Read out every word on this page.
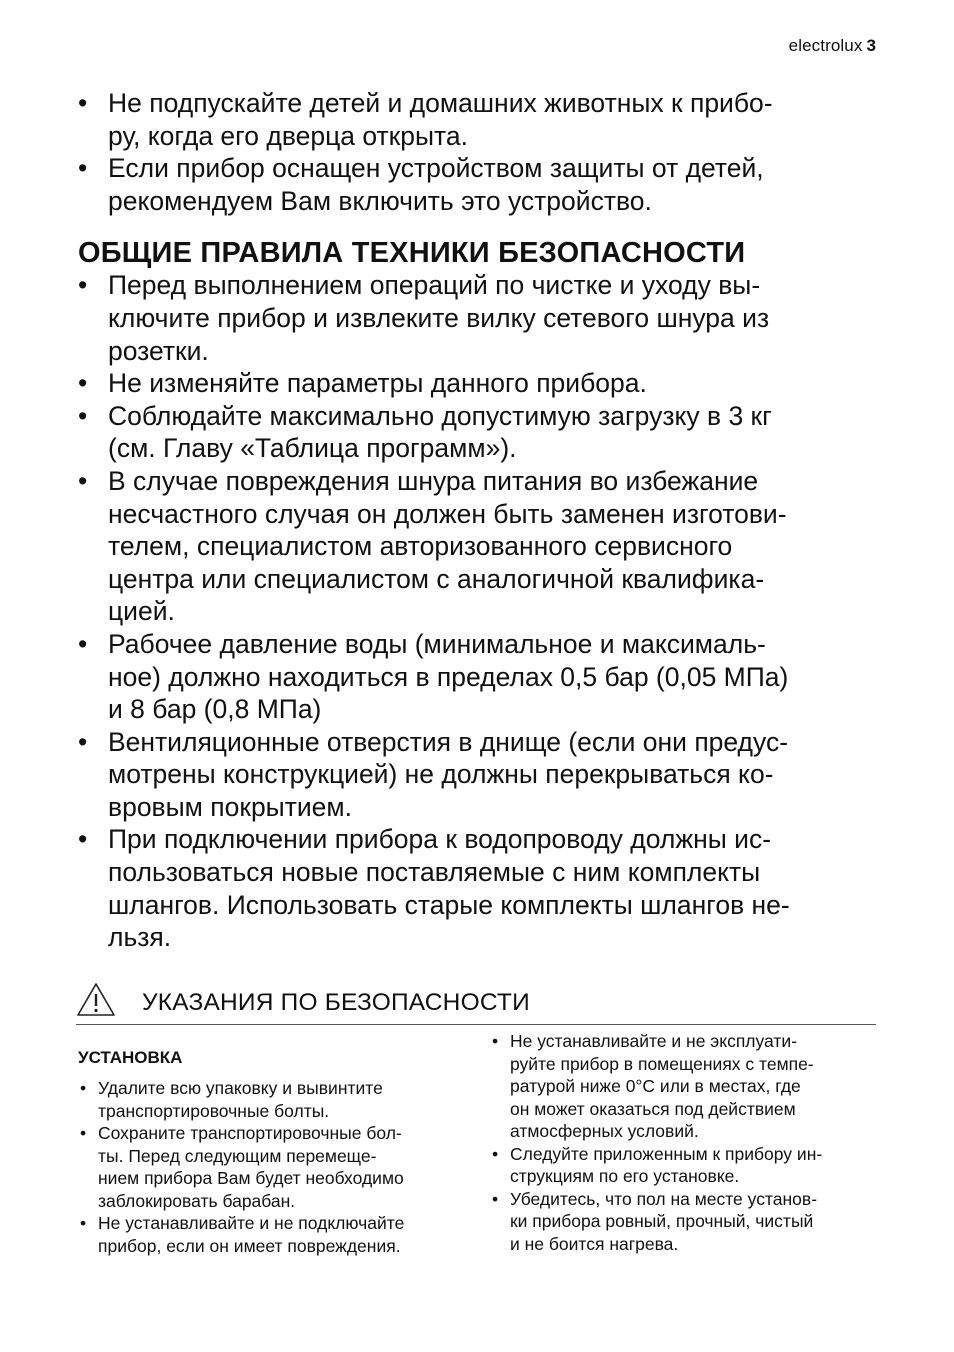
electrolux 3
• Не подпускайте детей и домашних животных к прибо-
ру, когда его дверца открыта.
• Если прибор оснащен устройством защиты от детей,
рекомендуем Вам включить это устройство.
ОБЩИЕ ПРАВИЛА ТЕХНИКИ БЕЗОПАСНОСТИ
• Перед выполнением операций по чистке и уходу вы-
ключите прибор и извлеките вилку сетевого шнура из
розетки.
• Не изменяйте параметры данного прибора.
• Соблюдайте максимально допустимую загрузку в 3 кг
(см. Главу «Таблица программ»).
• В случае повреждения шнура питания во избежание
несчастного случая он должен быть заменен изготови-
телем, специалистом авторизованного сервисного
центра или специалистом с аналогичной квалифика-
цией.
• Рабочее давление воды (минимальное и максималь-
ное) должно находиться в пределах 0,5 бар (0,05 МПа)
и 8 бар (0,8 МПа)
• Вентиляционные отверстия в днище (если они предус-
мотрены конструкцией) не должны перекрываться ко-
вровым покрытием.
• При подключении прибора к водопроводу должны ис-
пользоваться новые поставляемые с ним комплекты
шлангов. Использовать старые комплекты шлангов не-
льзя.
УКАЗАНИЯ ПО БЕЗОПАСНОСТИ
УСТАНОВКА
• Удалите всю упаковку и вывинтите
транспортировочные болты.
• Сохраните транспортировочные бол-
ты. Перед следующим перемеще-
нием прибора Вам будет необходимо
заблокировать барабан.
• Не устанавливайте и не подключайте
прибор, если он имеет повреждения.
• Не устанавливайте и не эксплуати-
руйте прибор в помещениях с темпе-
ратурой ниже 0°C или в местах, где
он может оказаться под действием
атмосферных условий.
• Следуйте приложенным к прибору ин-
струкциям по его установке.
• Убедитесь, что пол на месте установ-
ки прибора ровный, прочный, чистый
и не боится нагрева.
